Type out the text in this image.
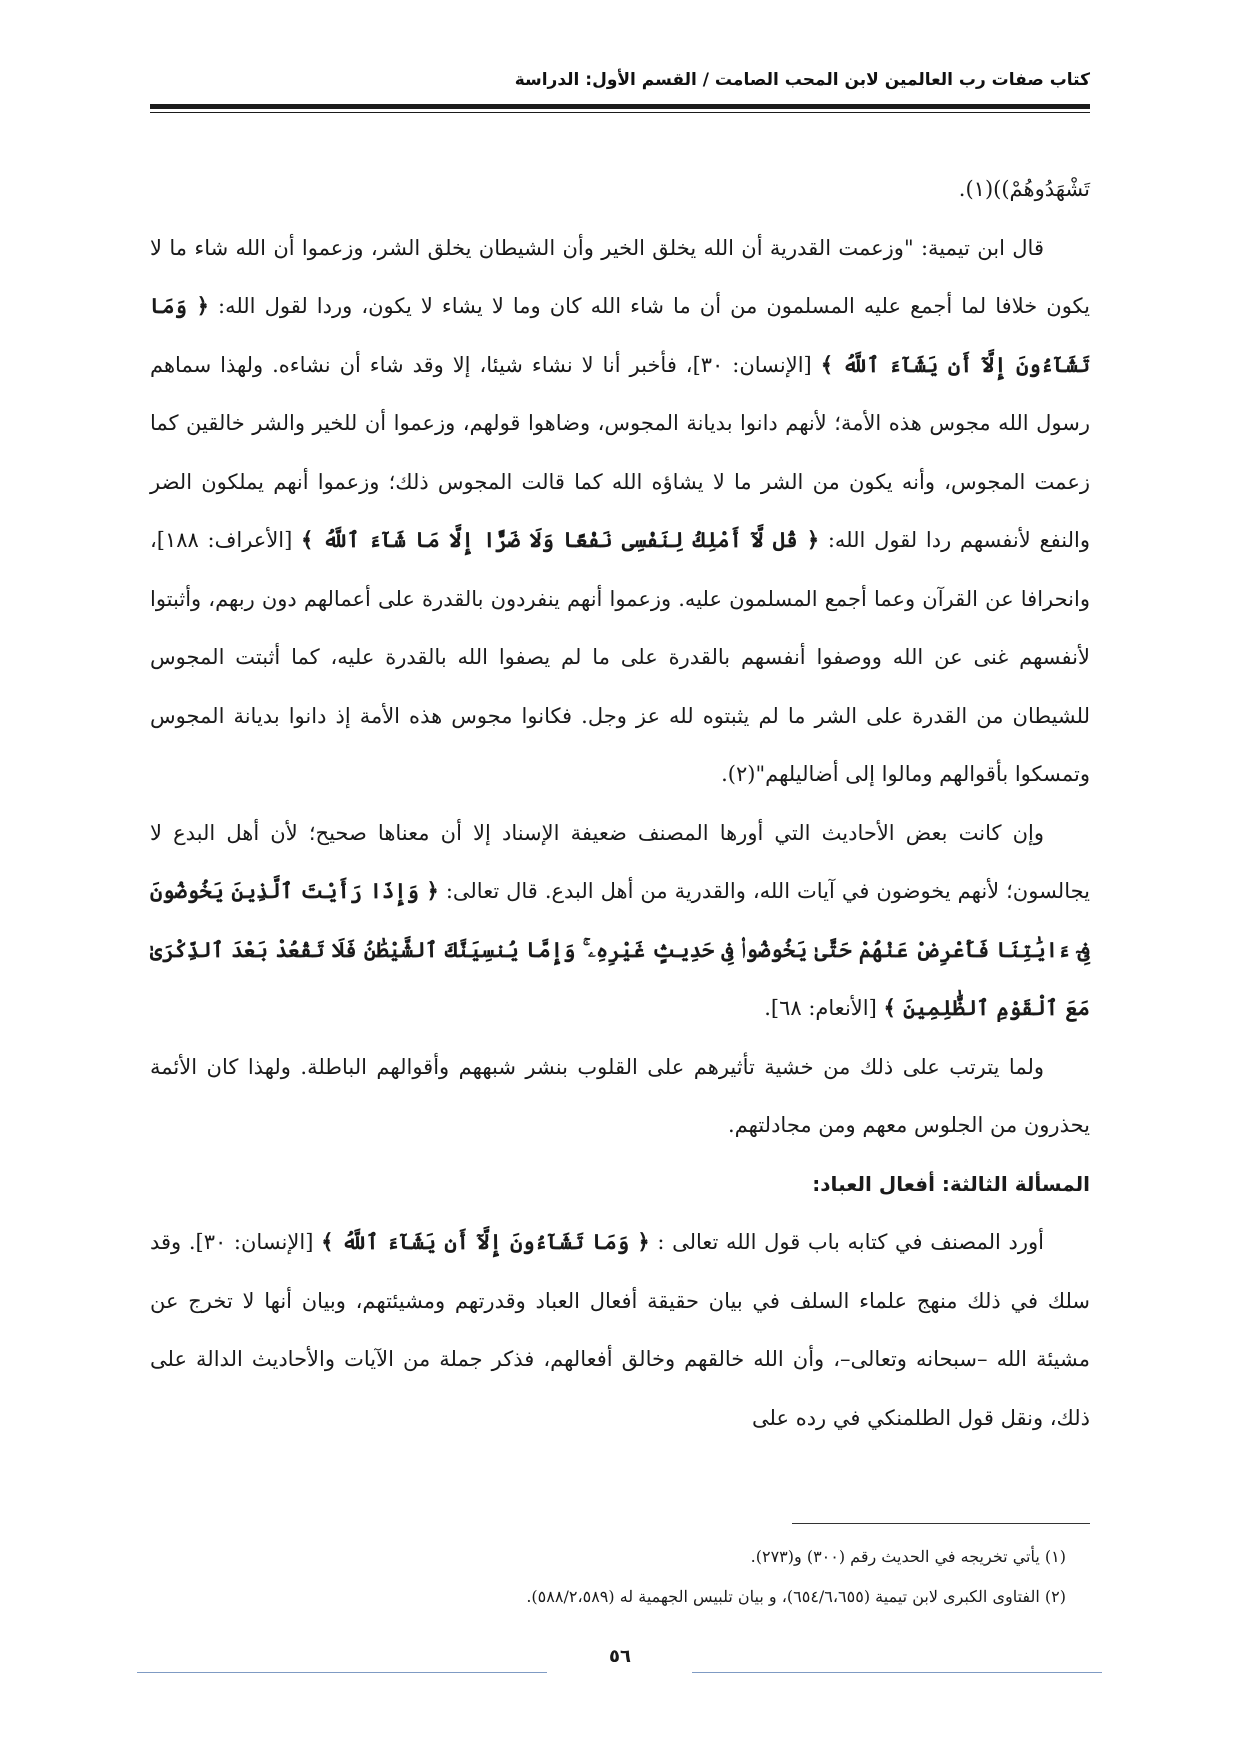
كتاب صفات رب العالمين لابن المحب الصامت / القسم الأول: الدراسة

تَشْهَدُوهُمْ))(١).

قال ابن تيمية: "وزعمت القدرية أن الله يخلق الخير وأن الشيطان يخلق الشر، وزعموا أن الله شاء ما لا يكون خلافا لما أجمع عليه المسلمون من أن ما شاء الله كان وما لا يشاء لا يكون، وردا لقول الله: ﴿ وَمَا تَشَآءُونَ إِلَّآ أَن يَشَآءَ ٱللَّهُ ﴾ [الإنسان: ٣٠]، فأخبر أنا لا نشاء شيئا، إلا وقد شاء أن نشاءه. ولهذا سماهم رسول الله مجوس هذه الأمة؛ لأنهم دانوا بديانة المجوس، وضاهوا قولهم، وزعموا أن للخير والشر خالقين كما زعمت المجوس، وأنه يكون من الشر ما لا يشاؤه الله كما قالت المجوس ذلك؛ وزعموا أنهم يملكون الضر والنفع لأنفسهم ردا لقول الله: ﴿ قُل لَّآ أَمْلِكُ لِنَفْسِى نَفْعًا وَلَا ضَرًّا إِلَّا مَا شَآءَ ٱللَّهُ ﴾ [الأعراف: ١٨٨]، وانحرافا عن القرآن وعما أجمع المسلمون عليه. وزعموا أنهم ينفردون بالقدرة على أعمالهم دون ربهم، وأثبتوا لأنفسهم غنى عن الله ووصفوا أنفسهم بالقدرة على ما لم يصفوا الله بالقدرة عليه، كما أثبتت المجوس للشيطان من القدرة على الشر ما لم يثبتوه لله عز وجل. فكانوا مجوس هذه الأمة إذ دانوا بديانة المجوس وتمسكوا بأقوالهم ومالوا إلى أضاليلهم"(٢).

وإن كانت بعض الأحاديث التي أورها المصنف ضعيفة الإسناد إلا أن معناها صحيح؛ لأن أهل البدع لا يجالسون؛ لأنهم يخوضون في آيات الله، والقدرية من أهل البدع. قال تعالى: ﴿ وَإِذَا رَأَيْتَ ٱلَّذِينَ يَخُوضُونَ فِىٓ ءَايَٰتِنَا فَأَعْرِضْ عَنْهُمْ حَتَّىٰ يَخُوضُوا۟ فِى حَدِيثٍ غَيْرِهِۦ ۚ وَإِمَّا يُنسِيَنَّكَ ٱلشَّيْطَٰنُ فَلَا تَقْعُدْ بَعْدَ ٱلذِّكْرَىٰ مَعَ ٱلْقَوْمِ ٱلظَّٰلِمِينَ ﴾ [الأنعام: ٦٨].

ولما يترتب على ذلك من خشية تأثيرهم على القلوب بنشر شبههم وأقوالهم الباطلة. ولهذا كان الأئمة يحذرون من الجلوس معهم ومن مجادلتهم.

المسألة الثالثة: أفعال العباد:

أورد المصنف في كتابه باب قول الله تعالى : ﴿ وَمَا تَشَآءُونَ إِلَّآ أَن يَشَآءَ ٱللَّهُ ﴾ [الإنسان: ٣٠]. وقد سلك في ذلك منهج علماء السلف في بيان حقيقة أفعال العباد وقدرتهم ومشيئتهم، وبيان أنها لا تخرج عن مشيئة الله –سبحانه وتعالى–، وأن الله خالقهم وخالق أفعالهم، فذكر جملة من الآيات والأحاديث الدالة على ذلك، ونقل قول الطلمنكي في رده على

(١) يأتي تخريجه في الحديث رقم (٣٠٠) و(٢٧٣).

(٢) الفتاوى الكبرى لابن تيمية (٦٥٤/٦،٦٥٥)، و بيان تلبيس الجهمية له (٥٨٨/٢،٥٨٩).

٥٦
